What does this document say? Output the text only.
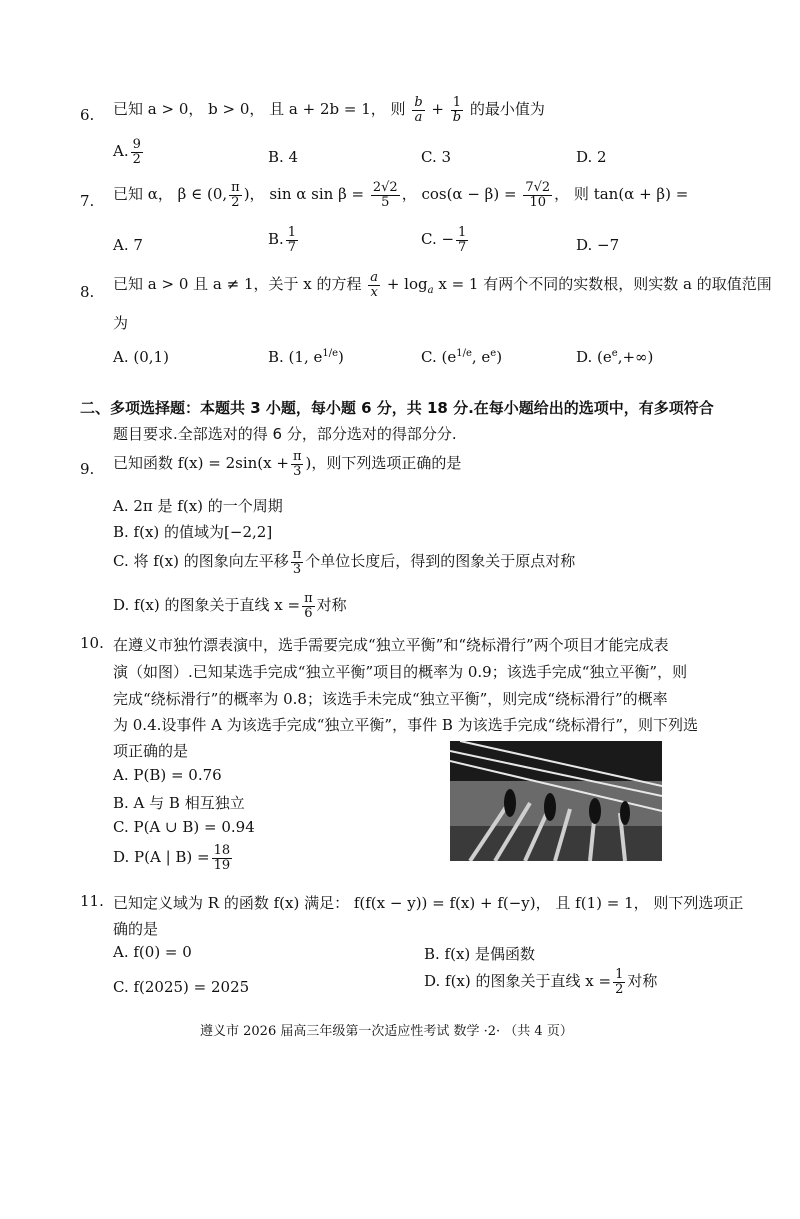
6.	已知 a > 0， b > 0， 且 a + 2b = 1， 则 $\frac{b}{a} + \frac{1}{b}$ 的最小值为
A. $\frac{9}{2}$	B. 4	C. 3	D. 2
7.	已知 α， β ∈ (0, $\frac{\pi}{2}$ )， sin α $\sin \beta = \frac{2√2}{5}$ ， $\cos(\alpha - \beta) = \frac{7√2}{10}$ ， 则 tan(α + β) =
A. 7	B. $\frac{1}{7}$	C. − $\frac{1}{7}$	D. −7
8.	已知 a > 0 且 a ≠ 1，关于 x 的方程 $\frac{a}{x} + \log_a x = 1$ 有两个不同的实数根，则实数 a 的取值范围
为
A. (0,1)	B. (1, $e^{1/e}$)	C. ($e^{1/e}$, $e^e$)	D. $(e^e,+\infty)$
二、多项选择题：本题共 3 小题，每小题 6 分，共 18 分.在每小题给出的选项中，有多项符合
题目要求.全部选对的得 6 分，部分选对的得部分分.
9.	已知函数 $f(x) = 2\sin(x + \frac{\pi}{3}$ )，则下列选项正确的是
A. 2π 是 f(x) 的一个周期
B. f(x) 的值域为[−2,2]
C. 将 f(x) 的图象向左平移 $\frac{\pi}{3}$ 个单位长度后，得到的图象关于原点对称
D. f(x) 的图象关于直线 $x = \frac{\pi}{6}$ 对称
10. 在遵义市独竹漂表演中，选手需要完成“独立平衡”和“绕标滑行”两个项目才能完成表
演（如图）.已知某选手完成“独立平衡”项目的概率为 0.9；该选手完成“独立平衡”，则
完成“绕标滑行”的概率为 0.8；该选手未完成“独立平衡”，则完成“绕标滑行”的概率
为 0.4.设事件 A 为该选手完成“独立平衡”，事件 B 为该选手完成“绕标滑行”，则下列选
项正确的是
A. P(B) = 0.76
B. A 与 B 相互独立
C. P(A ∪ B) = 0.94
D. P(A | $B) = \frac{18}{19}$
11. 已知定义域为 R 的函数 f(x) 满足： f(f(x − y)) = f(x) + f(−y)， 且 f(1) = 1， 则下列选项正
确的是
A. f(0) = 0	B. f(x) 是偶函数
C. f(2025) = 2025	D. f(x) 的图象关于直线 $x = \frac{1}{2}$ 对称
遵义市 2026 届高三年级第一次适应性考试 数学 ·2· （共 4 页）
